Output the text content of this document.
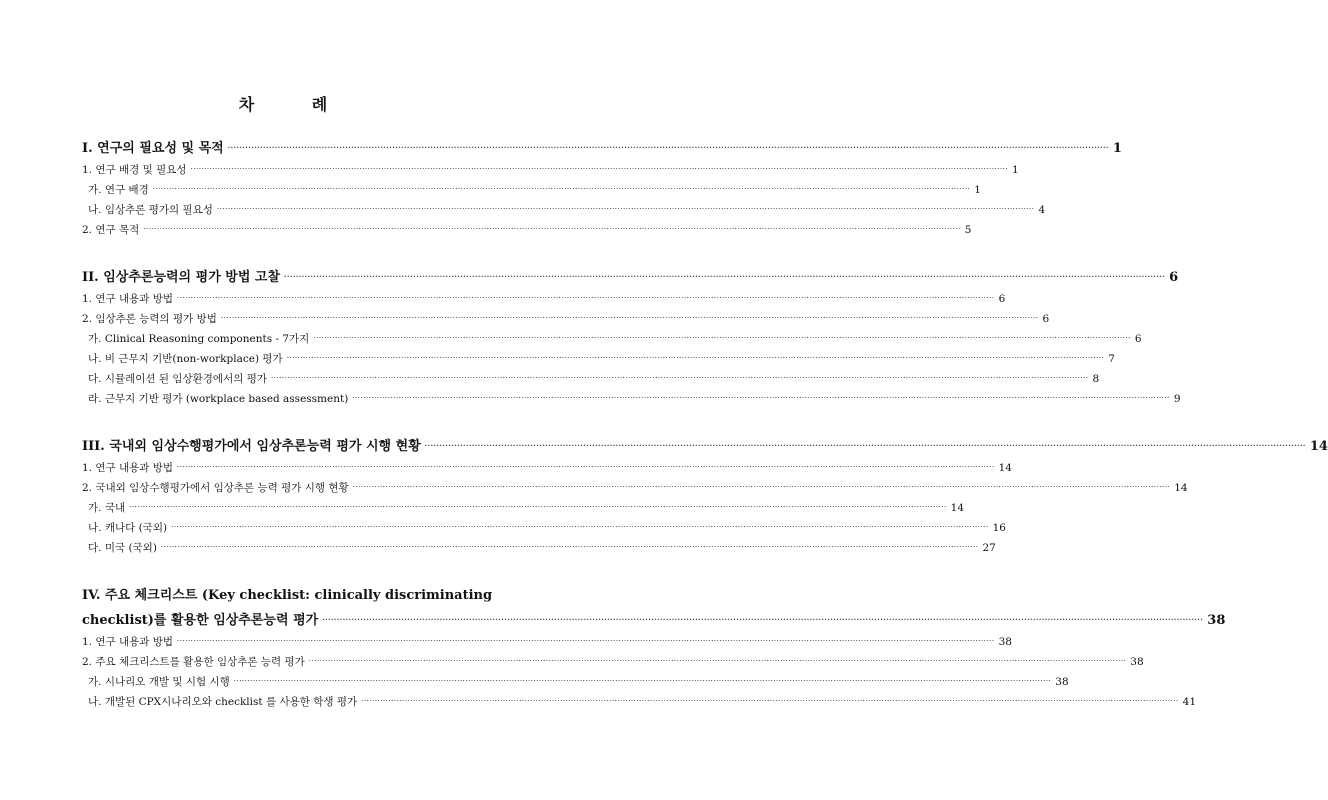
차 례
I. 연구의 필요성 및 목적 ············································································································································································································································································································ 1
1. 연구 배경 및 필요성 ············································································································································································································································································································ 1
가. 연구 배경 ············································································································································································································································································································ 1
나. 임상추론 평가의 필요성 ············································································································································································································································································································ 4
2. 연구 목적 ············································································································································································································································································································ 5
II. 임상추론능력의 평가 방법 고찰 ············································································································································································································································································································ 6
1. 연구 내용과 방법 ············································································································································································································································································································ 6
2. 임상추론 능력의 평가 방법 ············································································································································································································································································································ 6
가. Clinical Reasoning components - 7가지 ············································································································································································································································································································ 6
나. 비 근무지 기반(non-workplace) 평가 ············································································································································································································································································································ 7
다. 시뮬레이션 된 임상환경에서의 평가 ············································································································································································································································································································ 8
라. 근무지 기반 평가 (workplace based assessment) ············································································································································································································································································································ 9
III. 국내외 임상수행평가에서 임상추론능력 평가 시행 현황 ············································································································································································································································································································ 14
1. 연구 내용과 방법 ············································································································································································································································································································ 14
2. 국내외 임상수행평가에서 임상추론 능력 평가 시행 현황 ············································································································································································································································································································ 14
가. 국내 ············································································································································································································································································································ 14
나. 캐나다 (국외) ············································································································································································································································································································ 16
다. 미국 (국외) ············································································································································································································································································································ 27
IV. 주요 체크리스트 (Key checklist: clinically discriminating
checklist)를 활용한 임상추론능력 평가 ············································································································································································································································································································ 38
1. 연구 내용과 방법 ············································································································································································································································································································ 38
2. 주요 체크리스트를 활용한 임상추론 능력 평가 ············································································································································································································································································································ 38
가. 시나리오 개발 및 시험 시행 ············································································································································································································································································································ 38
나. 개발된 CPX시나리오와 checklist 를 사용한 학생 평가 ············································································································································································································································································································ 41
